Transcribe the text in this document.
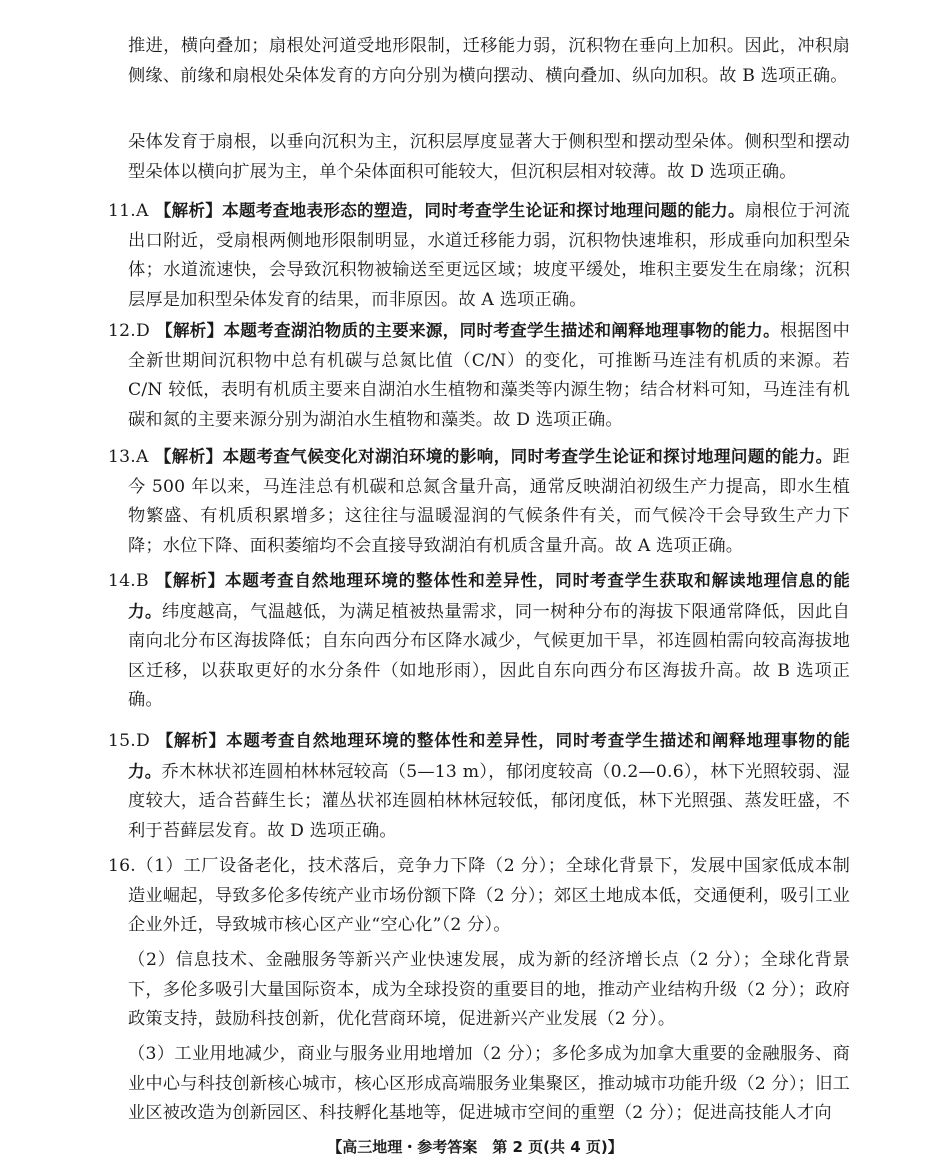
推进，横向叠加；扇根处河道受地形限制，迁移能力弱，沉积物在垂向上加积。因此，冲积扇侧缘、前缘和扇根处朵体发育的方向分别为横向摆动、横向叠加、纵向加积。故 B 选项正确。
朵体发育于扇根，以垂向沉积为主，沉积层厚度显著大于侧积型和摆动型朵体。侧积型和摆动型朵体以横向扩展为主，单个朵体面积可能较大，但沉积层相对较薄。故 D 选项正确。
11.A 【解析】本题考查地表形态的塑造，同时考查学生论证和探讨地理问题的能力。扇根位于河流出口附近，受扇根两侧地形限制明显，水道迁移能力弱，沉积物快速堆积，形成垂向加积型朵体；水道流速快，会导致沉积物被输送至更远区域；坡度平缓处，堆积主要发生在扇缘；沉积层厚是加积型朵体发育的结果，而非原因。故 A 选项正确。
12.D 【解析】本题考查湖泊物质的主要来源，同时考查学生描述和阐释地理事物的能力。根据图中全新世期间沉积物中总有机碳与总氮比值（C/N）的变化，可推断马连洼有机质的来源。若 C/N 较低，表明有机质主要来自湖泊水生植物和藻类等内源生物；结合材料可知，马连洼有机碳和氮的主要来源分别为湖泊水生植物和藻类。故 D 选项正确。
13.A 【解析】本题考查气候变化对湖泊环境的影响，同时考查学生论证和探讨地理问题的能力。距今 500 年以来，马连洼总有机碳和总氮含量升高，通常反映湖泊初级生产力提高，即水生植物繁盛、有机质积累增多；这往往与温暖湿润的气候条件有关，而气候冷干会导致生产力下降；水位下降、面积萎缩均不会直接导致湖泊有机质含量升高。故 A 选项正确。
14.B 【解析】本题考查自然地理环境的整体性和差异性，同时考查学生获取和解读地理信息的能力。纬度越高，气温越低，为满足植被热量需求，同一树种分布的海拔下限通常降低，因此自南向北分布区海拔降低；自东向西分布区降水减少，气候更加干旱，祁连圆柏需向较高海拔地区迁移，以获取更好的水分条件（如地形雨），因此自东向西分布区海拔升高。故 B 选项正确。
15.D 【解析】本题考查自然地理环境的整体性和差异性，同时考查学生描述和阐释地理事物的能力。乔木林状祁连圆柏林林冠较高（5—13 m），郁闭度较高（0.2—0.6），林下光照较弱、湿度较大，适合苔藓生长；灌丛状祁连圆柏林林冠较低，郁闭度低，林下光照强、蒸发旺盛，不利于苔藓层发育。故 D 选项正确。
16.（1）工厂设备老化，技术落后，竞争力下降（2 分）；全球化背景下，发展中国家低成本制造业崛起，导致多伦多传统产业市场份额下降（2 分）；郊区土地成本低，交通便利，吸引工业企业外迁，导致城市核心区产业“空心化”（2 分）。
（2）信息技术、金融服务等新兴产业快速发展，成为新的经济增长点（2 分）；全球化背景下，多伦多吸引大量国际资本，成为全球投资的重要目的地，推动产业结构升级（2 分）；政府政策支持，鼓励科技创新，优化营商环境，促进新兴产业发展（2 分）。
（3）工业用地减少，商业与服务业用地增加（2 分）；多伦多成为加拿大重要的金融服务、商业中心与科技创新核心城市，核心区形成高端服务业集聚区，推动城市功能升级（2 分）；旧工业区被改造为创新园区、科技孵化基地等，促进城市空间的重塑（2 分）；促进高技能人才向
【高三地理・参考答案　第 2 页(共 4 页)】
